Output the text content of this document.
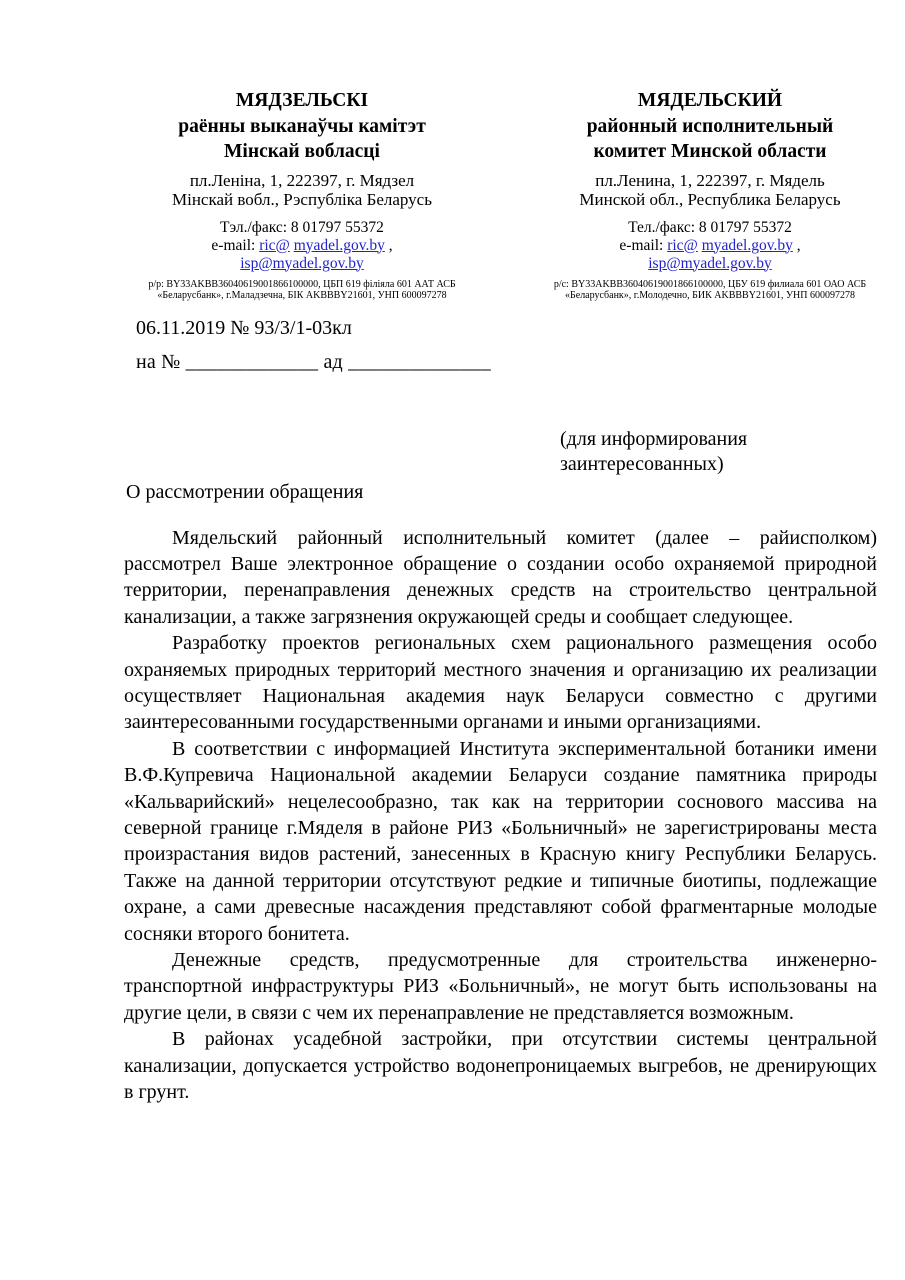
МЯДЗЕЛЬСКІ
раённы выканаўчы камітэт
Мінскай вобласці
пл.Леніна, 1, 222397, г. Мядзел
Мінскай вобл., Рэспубліка Беларусь
Тэл./факс: 8 01797 55372
e-mail: ric@ myadel.gov.by ,
isp@myadel.gov.by
р/р: BY33AKBB36040619001866100000, ЦБП 619 філіяла 601 ААТ АСБ
«Беларусбанк», г.Маладзечна, БІК AKBBBY21601, УНП 600097278
МЯДЕЛЬСКИЙ
районный исполнительный
комитет Минской области
пл.Ленина, 1, 222397, г. Мядель
Минской обл., Республика Беларусь
Тел./факс: 8 01797 55372
e-mail: ric@ myadel.gov.by ,
isp@myadel.gov.by
р/с: BY33AKBB36040619001866100000, ЦБУ 619 филиала 601 ОАО АСБ
«Беларусбанк», г.Молодечно, БИК AKBBBY21601, УНП 600097278
06.11.2019 № 93/3/1-03кл
на № _____________ ад ______________
(для информирования
заинтересованных)
О рассмотрении обращения

Мядельский районный исполнительный комитет (далее – райисполком) рассмотрел Ваше электронное обращение о создании особо охраняемой природной территории, перенаправления денежных средств на строительство центральной канализации, а также загрязнения окружающей среды и сообщает следующее.

Разработку проектов региональных схем рационального размещения особо охраняемых природных территорий местного значения и организацию их реализации осуществляет Национальная академия наук Беларуси совместно с другими заинтересованными государственными органами и иными организациями.

В соответствии с информацией Института экспериментальной ботаники имени В.Ф.Купревича Национальной академии Беларуси создание памятника природы «Кальварийский» нецелесообразно, так как на территории соснового массива на северной границе г.Мяделя в районе РИЗ «Больничный» не зарегистрированы места произрастания видов растений, занесенных в Красную книгу Республики Беларусь. Также на данной территории отсутствуют редкие и типичные биотипы, подлежащие охране, а сами древесные насаждения представляют собой фрагментарные молодые сосняки второго бонитета.

Денежные средств, предусмотренные для строительства инженерно-транспортной инфраструктуры РИЗ «Больничный», не могут быть использованы на другие цели, в связи с чем их перенаправление не представляется возможным.

В районах усадебной застройки, при отсутствии системы центральной канализации, допускается устройство водонепроницаемых выгребов, не дренирующих в грунт.
